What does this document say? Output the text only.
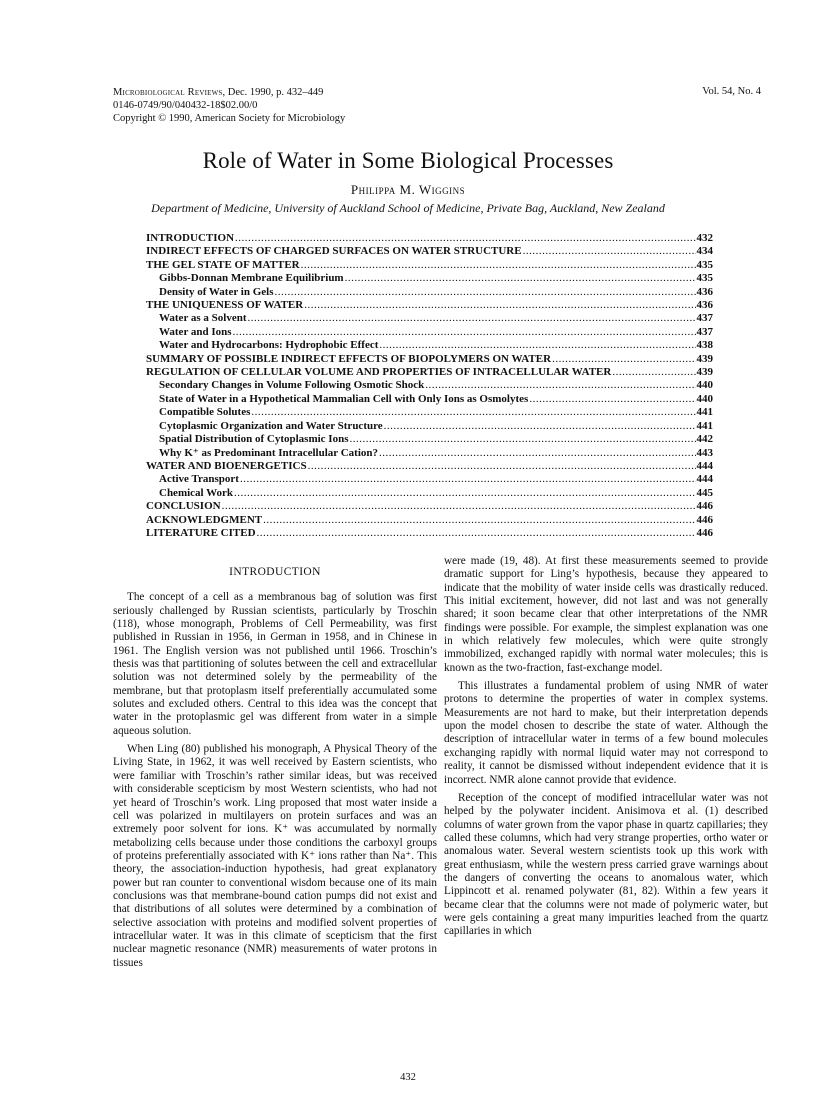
Microbiological Reviews, Dec. 1990, p. 432–449
0146-0749/90/040432-18$02.00/0
Copyright © 1990, American Society for Microbiology
Vol. 54, No. 4
Role of Water in Some Biological Processes
Philippa M. Wiggins
Department of Medicine, University of Auckland School of Medicine, Private Bag, Auckland, New Zealand
INTRODUCTION .....	432
INDIRECT EFFECTS OF CHARGED SURFACES ON WATER STRUCTURE .....	434
THE GEL STATE OF MATTER .....	435
Gibbs-Donnan Membrane Equilibrium .....	435
Density of Water in Gels .....	436
THE UNIQUENESS OF WATER .....	436
Water as a Solvent .....	437
Water and Ions .....	437
Water and Hydrocarbons: Hydrophobic Effect .....	438
SUMMARY OF POSSIBLE INDIRECT EFFECTS OF BIOPOLYMERS ON WATER .....	439
REGULATION OF CELLULAR VOLUME AND PROPERTIES OF INTRACELLULAR WATER .....	439
Secondary Changes in Volume Following Osmotic Shock .....	440
State of Water in a Hypothetical Mammalian Cell with Only Ions as Osmolytes .....	440
Compatible Solutes .....	441
Cytoplasmic Organization and Water Structure .....	441
Spatial Distribution of Cytoplasmic Ions .....	442
Why K⁺ as Predominant Intracellular Cation? .....	443
WATER AND BIOENERGETICS .....	444
Active Transport .....	444
Chemical Work .....	445
CONCLUSION .....	446
ACKNOWLEDGMENT .....	446
LITERATURE CITED .....	446
INTRODUCTION

The concept of a cell as a membranous bag of solution was first seriously challenged by Russian scientists, particularly by Troschin (118), whose monograph, Problems of Cell Permeability, was first published in Russian in 1956, in German in 1958, and in Chinese in 1961. The English version was not published until 1966. Troschin’s thesis was that partitioning of solutes between the cell and extracellular solution was not determined solely by the permeability of the membrane, but that protoplasm itself preferentially accumulated some solutes and excluded others. Central to this idea was the concept that water in the protoplasmic gel was different from water in a simple aqueous solution.

When Ling (80) published his monograph, A Physical Theory of the Living State, in 1962, it was well received by Eastern scientists, who were familiar with Troschin’s rather similar ideas, but was received with considerable scepticism by most Western scientists, who had not yet heard of Troschin’s work. Ling proposed that most water inside a cell was polarized in multilayers on protein surfaces and was an extremely poor solvent for ions. K⁺ was accumulated by normally metabolizing cells because under those conditions the carboxyl groups of proteins preferentially associated with K⁺ ions rather than Na⁺. This theory, the association-induction hypothesis, had great explanatory power but ran counter to conventional wisdom because one of its main conclusions was that membrane-bound cation pumps did not exist and that distributions of all solutes were determined by a combination of selective association with proteins and modified solvent properties of intracellular water. It was in this climate of scepticism that the first nuclear magnetic resonance (NMR) measurements of water protons in tissues

were made (19, 48). At first these measurements seemed to provide dramatic support for Ling’s hypothesis, because they appeared to indicate that the mobility of water inside cells was drastically reduced. This initial excitement, however, did not last and was not generally shared; it soon became clear that other interpretations of the NMR findings were possible. For example, the simplest explanation was one in which relatively few molecules, which were quite strongly immobilized, exchanged rapidly with normal water molecules; this is known as the two-fraction, fast-exchange model.

This illustrates a fundamental problem of using NMR of water protons to determine the properties of water in complex systems. Measurements are not hard to make, but their interpretation depends upon the model chosen to describe the state of water. Although the description of intracellular water in terms of a few bound molecules exchanging rapidly with normal liquid water may not correspond to reality, it cannot be dismissed without independent evidence that it is incorrect. NMR alone cannot provide that evidence.

Reception of the concept of modified intracellular water was not helped by the polywater incident. Anisimova et al. (1) described columns of water grown from the vapor phase in quartz capillaries; they called these columns, which had very strange properties, ortho water or anomalous water. Several western scientists took up this work with great enthusiasm, while the western press carried grave warnings about the dangers of converting the oceans to anomalous water, which Lippincott et al. renamed polywater (81, 82). Within a few years it became clear that the columns were not made of polymeric water, but were gels containing a great many impurities leached from the quartz capillaries in which

432
